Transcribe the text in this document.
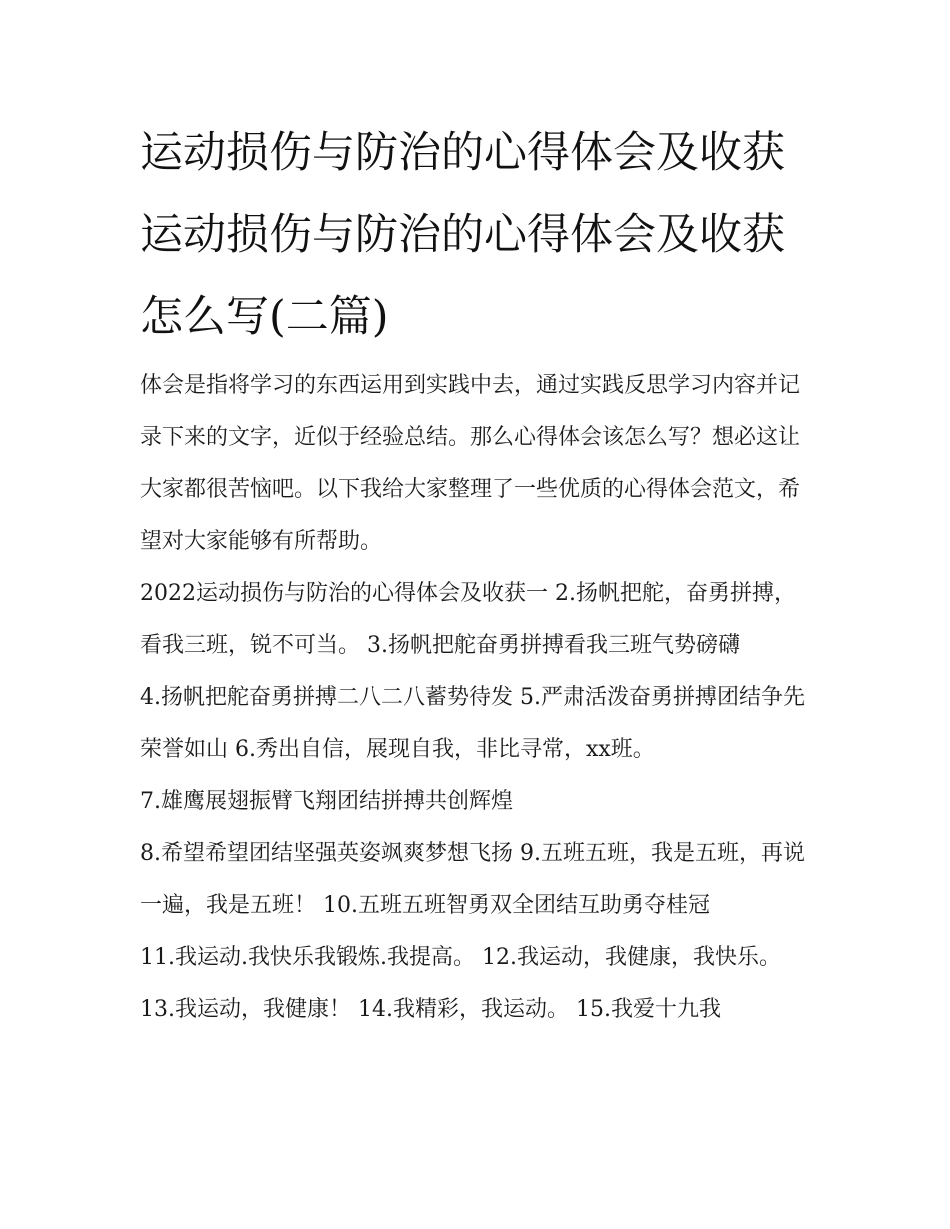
运动损伤与防治的心得体会及收获 运动损伤与防治的心得体会及收获怎么写(二篇)

体会是指将学习的东西运用到实践中去，通过实践反思学习内容并记录下来的文字，近似于经验总结。那么心得体会该怎么写？想必这让大家都很苦恼吧。以下我给大家整理了一些优质的心得体会范文，希望对大家能够有所帮助。

2022运动损伤与防治的心得体会及收获一 2.扬帆把舵，奋勇拼搏，看我三班，锐不可当。 3.扬帆把舵奋勇拼搏看我三班气势磅礴

4.扬帆把舵奋勇拼搏二八二八蓄势待发 5.严肃活泼奋勇拼搏团结争先荣誉如山 6.秀出自信，展现自我，非比寻常，xx班。

7.雄鹰展翅振臂飞翔团结拼搏共创辉煌

8.希望希望团结坚强英姿飒爽梦想飞扬 9.五班五班，我是五班，再说一遍，我是五班！ 10.五班五班智勇双全团结互助勇夺桂冠

11.我运动.我快乐我锻炼.我提高。 12.我运动，我健康，我快乐。 13.我运动，我健康！ 14.我精彩，我运动。 15.我爱十九我
